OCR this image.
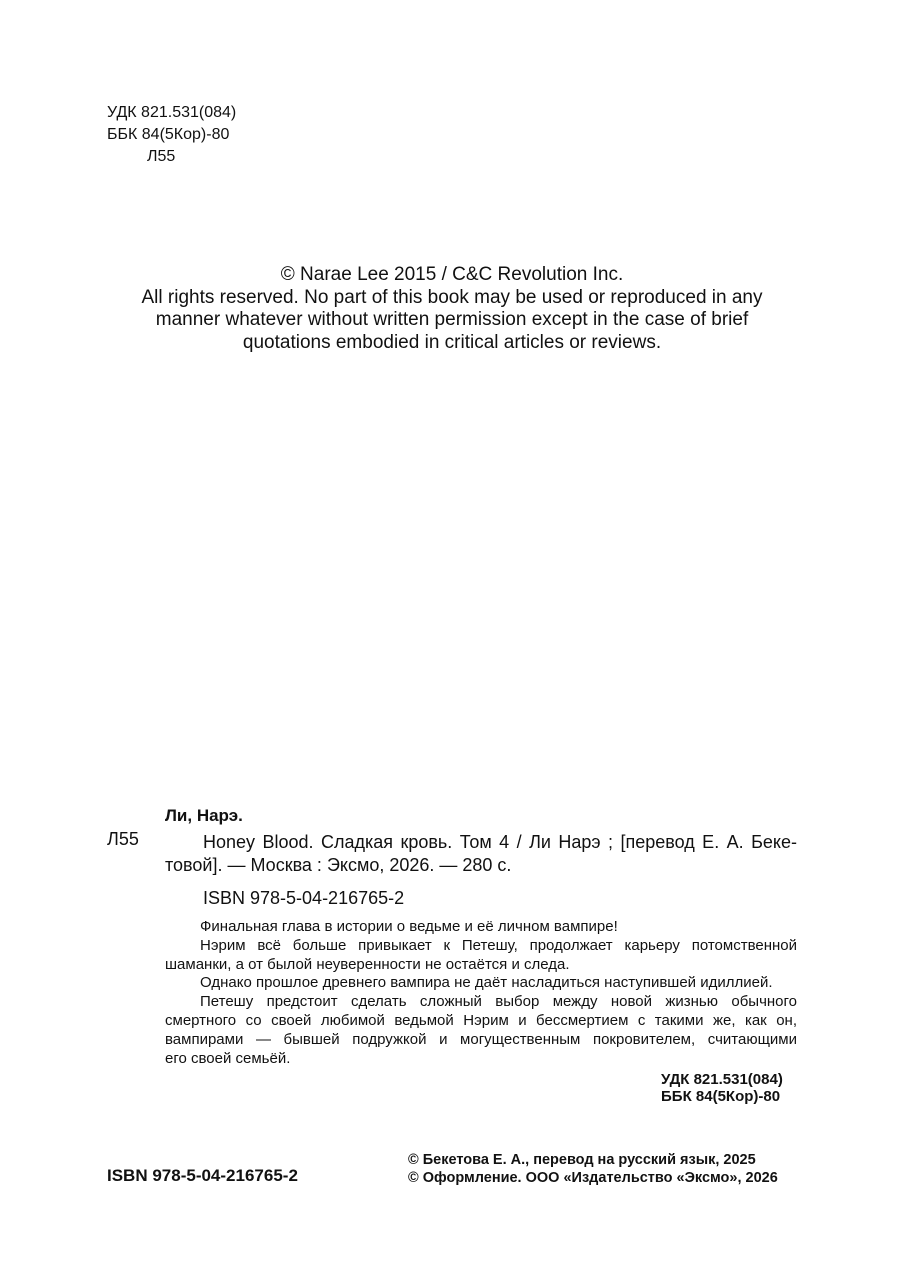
УДК 821.531(084)
ББК 84(5Кор)-80
Л55
© Narae Lee 2015 / C&C Revolution Inc.
All rights reserved. No part of this book may be used or reproduced in any
manner whatever without written permission except in the case of brief
quotations embodied in critical articles or reviews.
Ли, Нарэ.
Л55	Honey Blood. Сладкая кровь. Том 4 / Ли Нарэ ; [перевод Е. А. Беке-
товой]. — Москва : Эксмо, 2026. — 280 с.
ISBN 978-5-04-216765-2
Финальная глава в истории о ведьме и её личном вампире!
Нэрим всё больше привыкает к Петешу, продолжает карьеру потомственной
шаманки, а от былой неуверенности не остаётся и следа.
Однако прошлое древнего вампира не даёт насладиться наступившей идиллией.
Петешу предстоит сделать сложный выбор между новой жизнью обычного
смертного со своей любимой ведьмой Нэрим и бессмертием с такими же, как он,
вампирами — бывшей подружкой и могущественным покровителем, считающими
его своей семьёй.
УДК 821.531(084)
ББК 84(5Кор)-80
ISBN 978-5-04-216765-2
© Бекетова Е. А., перевод на русский язык, 2025
© Оформление. ООО «Издательство «Эксмо», 2026
